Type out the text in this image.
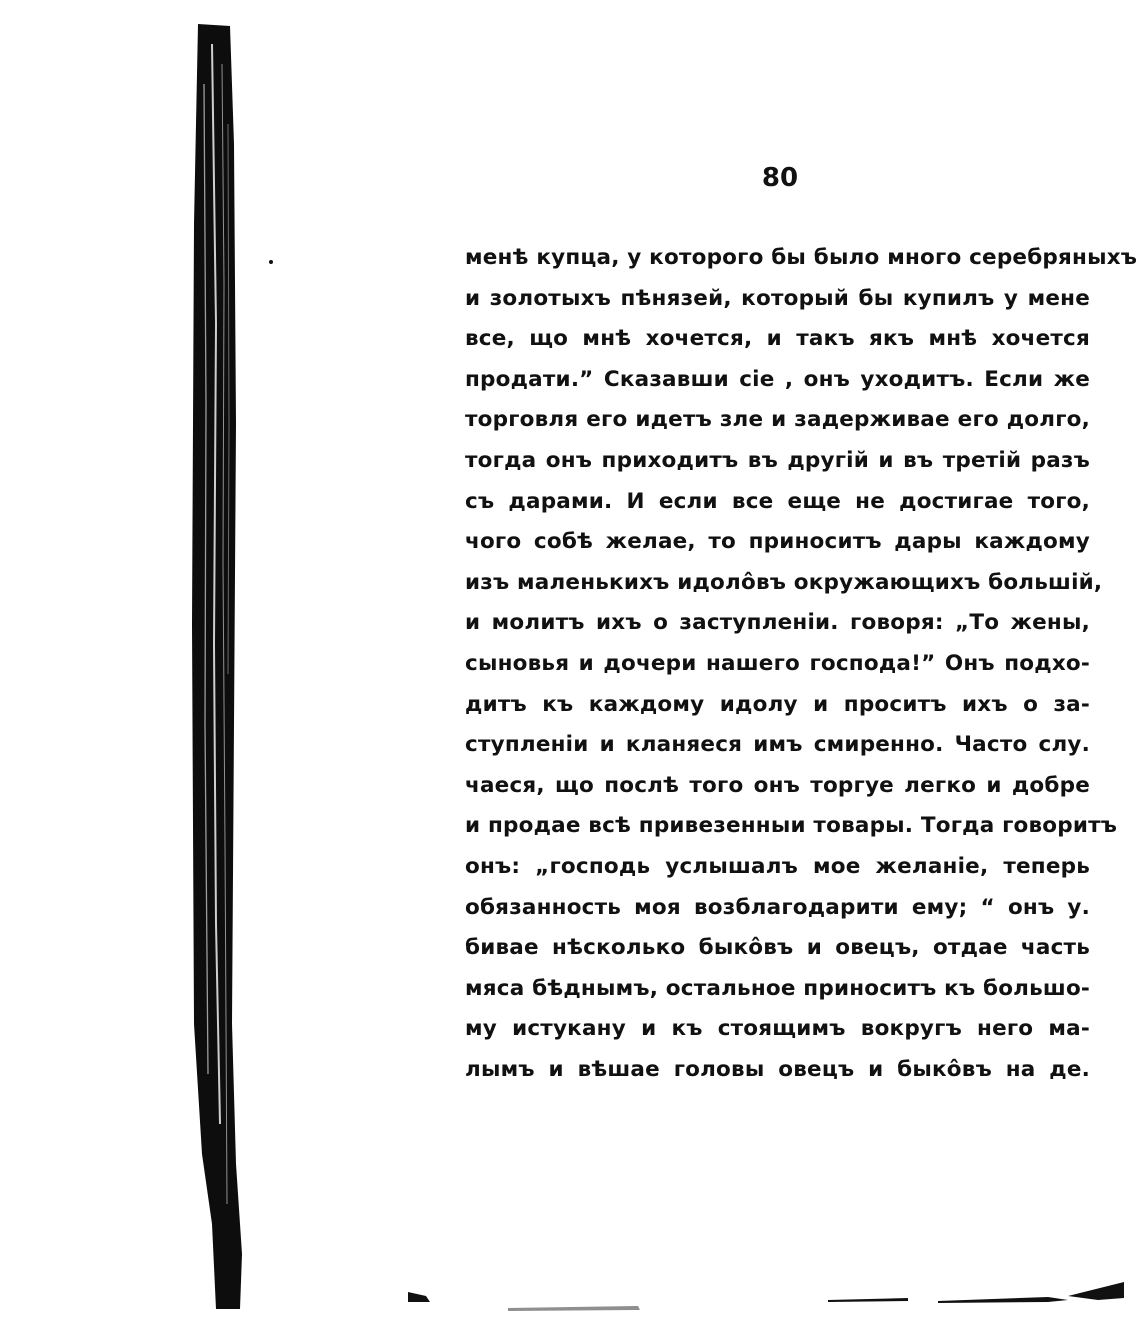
80
менѣ купца, у которого бы было много серебряныхъ
и золотыхъ пѣнязей, который бы купилъ у мене
все, що мнѣ хочется, и такъ якъ мнѣ хочется
продати.” Сказавши сiе , онъ уходитъ. Если же
торговля его идетъ зле и задерживае его долго,
тогда онъ приходитъ въ другiй и въ третiй разъ
съ дарами. И если все еще не достигае того,
чого собѣ желае, то приноситъ дары каждому
изъ маленькихъ идолôвъ окружающихъ большiй,
и молитъ ихъ о заступленiи. говоря: „То жены,
сыновья и дочери нашего господа!” Онъ подхо-
дитъ къ каждому идолу и проситъ ихъ о за-
ступленiи и кланяеся имъ смиренно. Часто слу.
чаеся, що послѣ того онъ торгуе легко и добре
и продае всѣ привезенныи товары. Тогда говоритъ
онъ: „господь услышалъ мое желанiе, теперь
обязанность моя возблагодарити ему; “ онъ у.
бивае нѣсколько быкôвъ и овецъ, отдае часть
мяса бѣднымъ, остальное приноситъ къ большо-
му истукану и къ стоящимъ вокругъ него ма-
лымъ и вѣшае головы овецъ и быкôвъ на де.
